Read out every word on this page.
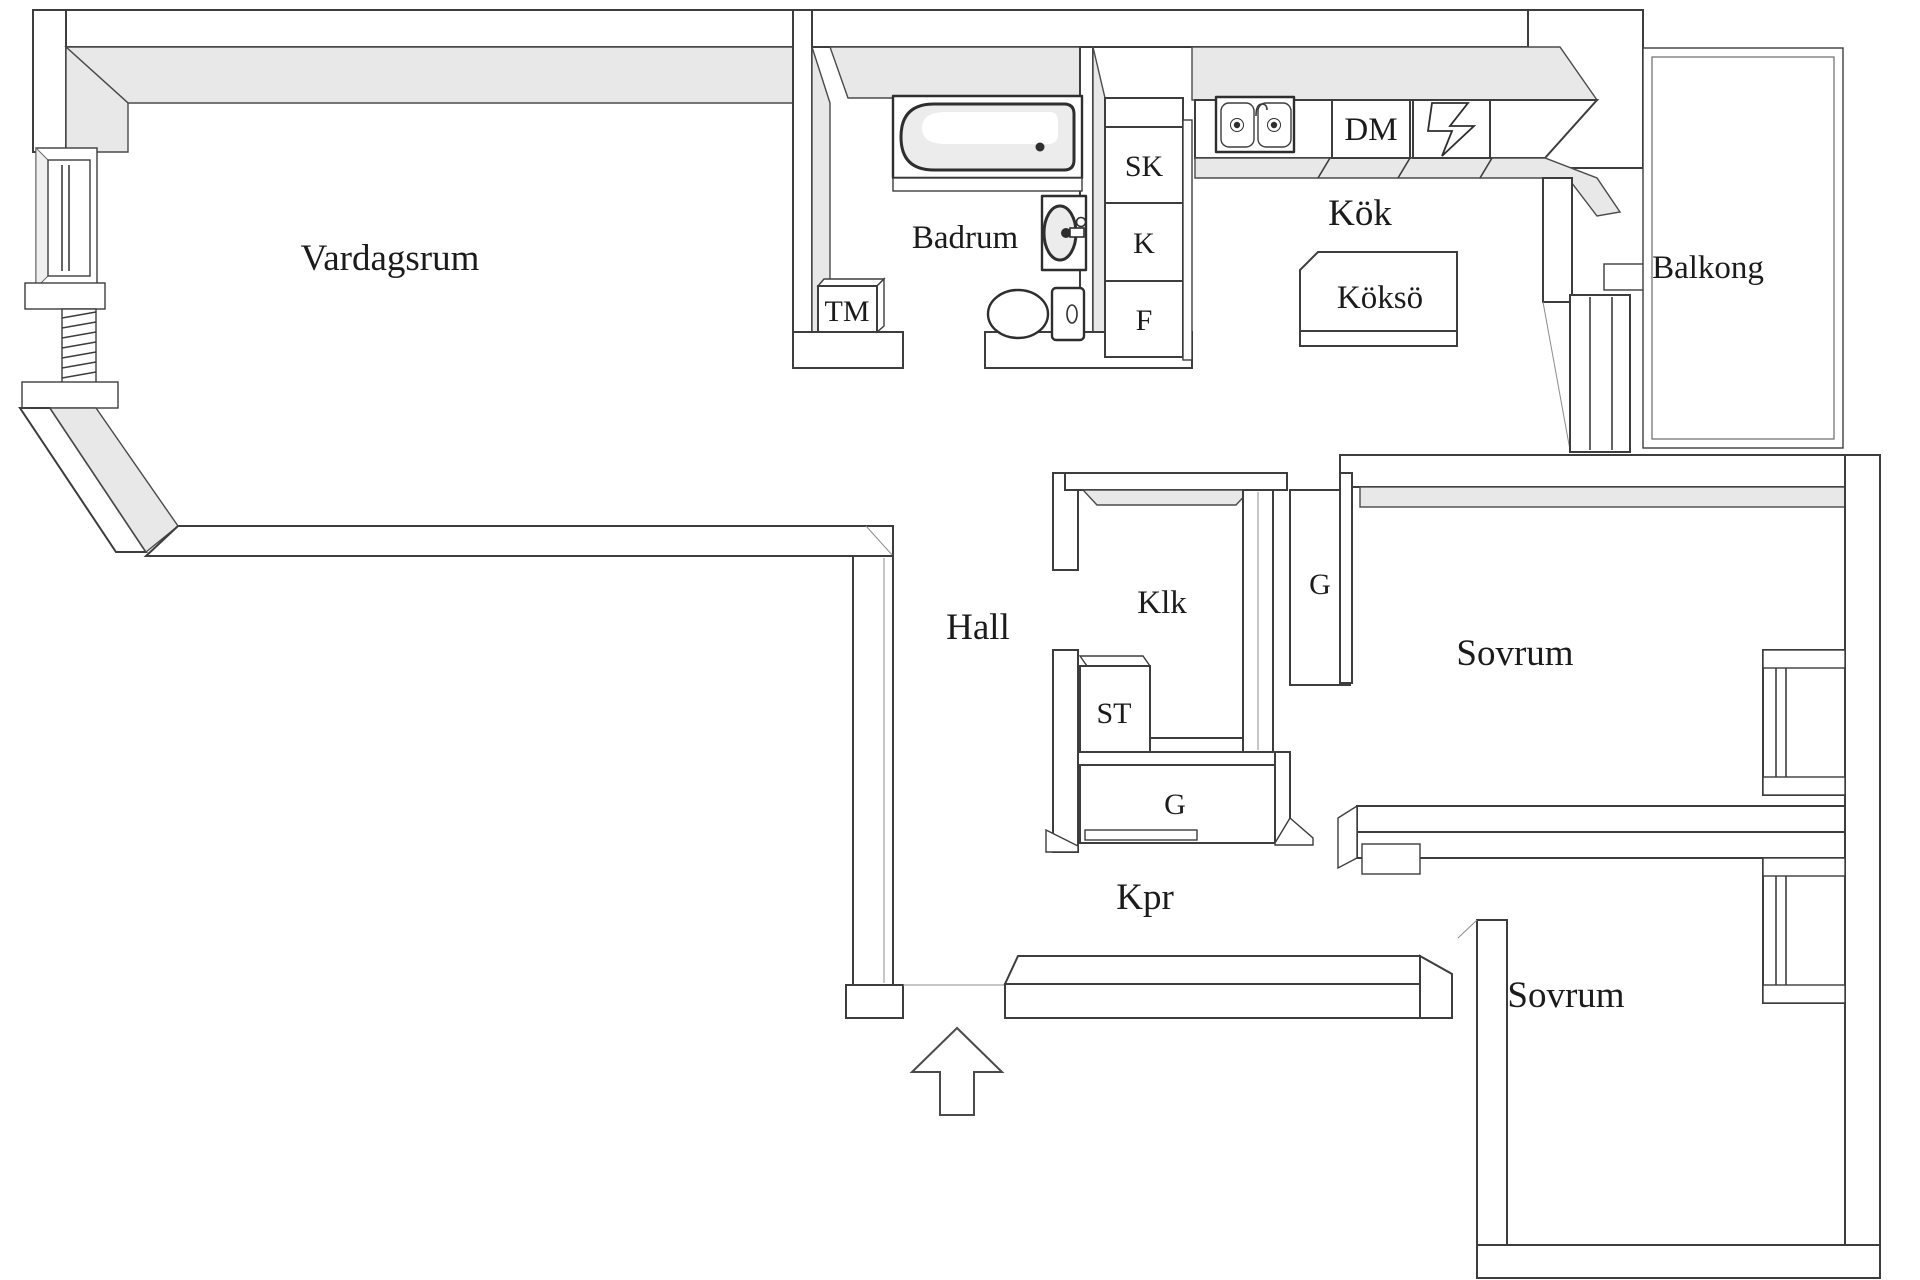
Vardagsrum	Badrum
TM
SK
K
F
DM
Kök
Köksö
Balkong
Hall
Klk
G
ST
G
Kpr
Sovrum
Sovrum
